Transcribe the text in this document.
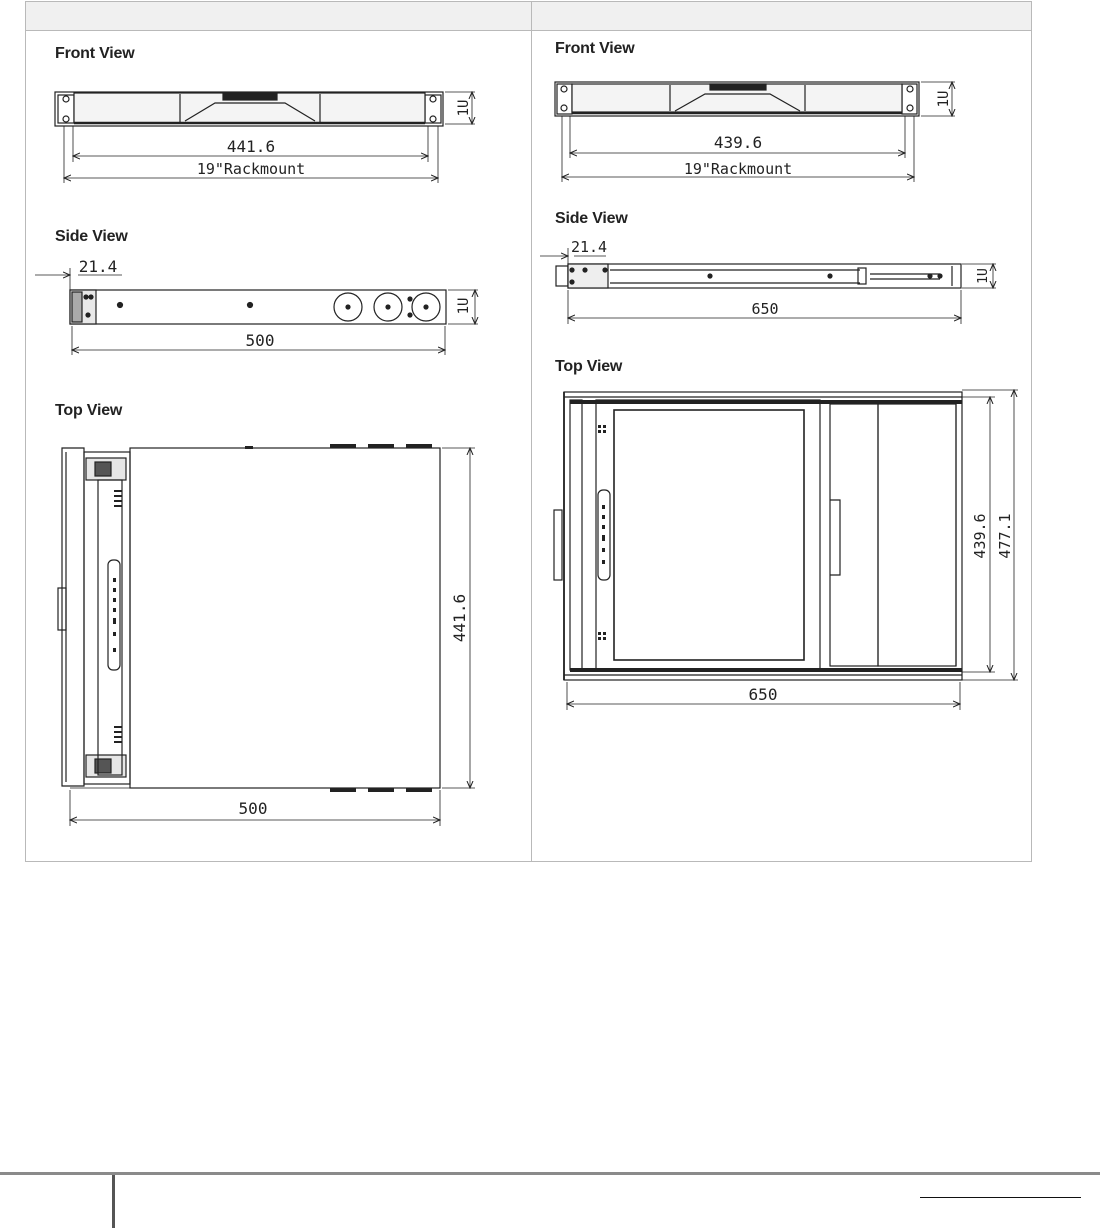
Front View
Side View
Top View
Front View
Side View
Top View
441.6
19"Rackmount
1U
21.4
500
1U
500
441.6
439.6
19"Rackmount
1U
21.4
650
1U
650
439.6 477.1
